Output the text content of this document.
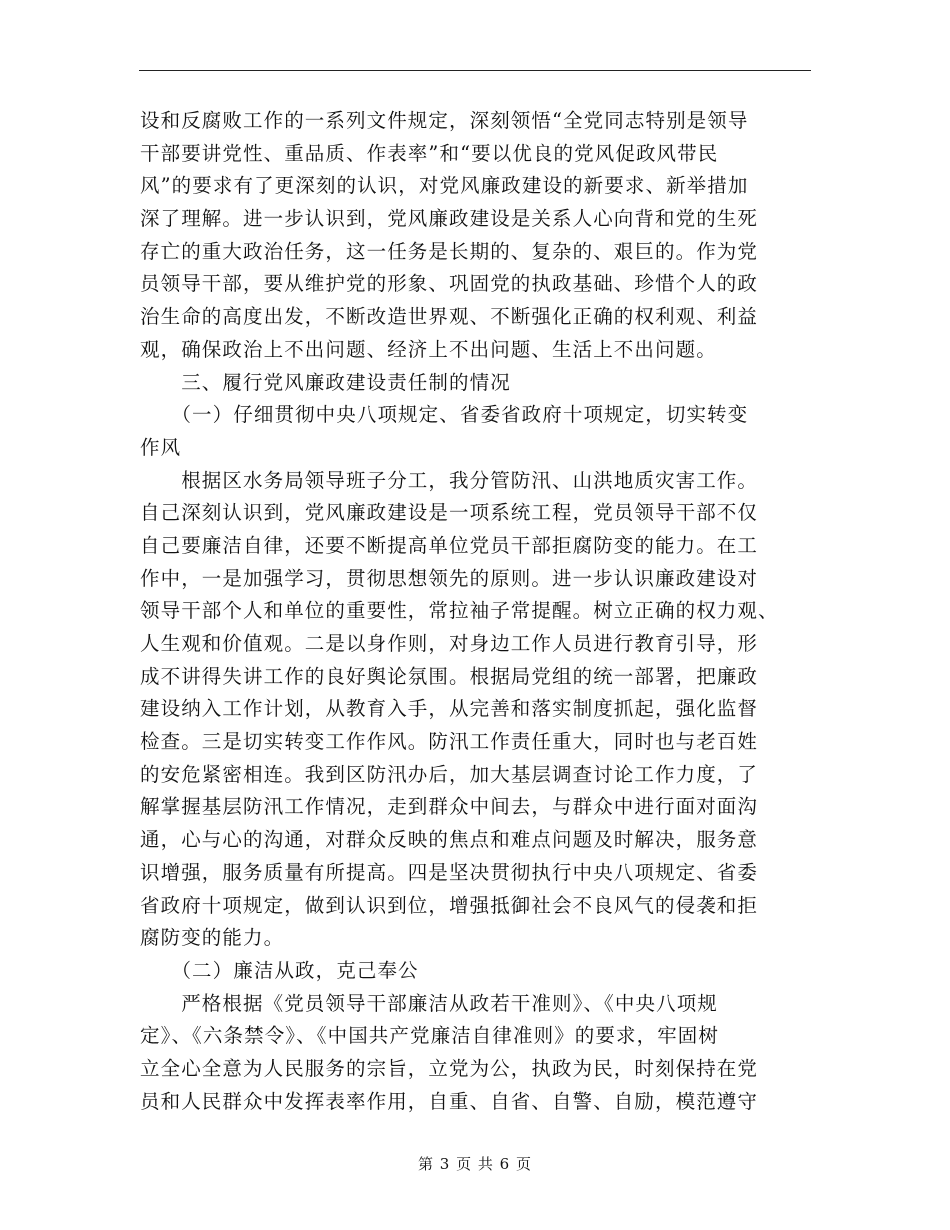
设和反腐败工作的一系列文件规定，深刻领悟“全党同志特别是领导
干部要讲党性、重品质、作表率”和“要以优良的党风促政风带民
风”的要求有了更深刻的认识，对党风廉政建设的新要求、新举措加
深了理解。进一步认识到，党风廉政建设是关系人心向背和党的生死
存亡的重大政治任务，这一任务是长期的、复杂的、艰巨的。作为党
员领导干部，要从维护党的形象、巩固党的执政基础、珍惜个人的政
治生命的高度出发，不断改造世界观、不断强化正确的权利观、利益
观，确保政治上不出问题、经济上不出问题、生活上不出问题。
　　三、履行党风廉政建设责任制的情况
　　（一）仔细贯彻中央八项规定、省委省政府十项规定，切实转变
作风
　　根据区水务局领导班子分工，我分管防汛、山洪地质灾害工作。
自己深刻认识到，党风廉政建设是一项系统工程，党员领导干部不仅
自己要廉洁自律，还要不断提高单位党员干部拒腐防变的能力。在工
作中，一是加强学习，贯彻思想领先的原则。进一步认识廉政建设对
领导干部个人和单位的重要性，常拉袖子常提醒。树立正确的权力观、
人生观和价值观。二是以身作则，对身边工作人员进行教育引导，形
成不讲得失讲工作的良好舆论氛围。根据局党组的统一部署，把廉政
建设纳入工作计划，从教育入手，从完善和落实制度抓起，强化监督
检查。三是切实转变工作作风。防汛工作责任重大，同时也与老百姓
的安危紧密相连。我到区防汛办后，加大基层调查讨论工作力度，了
解掌握基层防汛工作情况，走到群众中间去，与群众中进行面对面沟
通，心与心的沟通，对群众反映的焦点和难点问题及时解决，服务意
识增强，服务质量有所提高。四是坚决贯彻执行中央八项规定、省委
省政府十项规定，做到认识到位，增强抵御社会不良风气的侵袭和拒
腐防变的能力。
　　（二）廉洁从政，克己奉公
　　严格根据《党员领导干部廉洁从政若干准则》、《中央八项规
定》、《六条禁令》、《中国共产党廉洁自律准则》的要求，牢固树
立全心全意为人民服务的宗旨，立党为公，执政为民，时刻保持在党
员和人民群众中发挥表率作用，自重、自省、自警、自励，模范遵守
第 3 页 共 6 页
